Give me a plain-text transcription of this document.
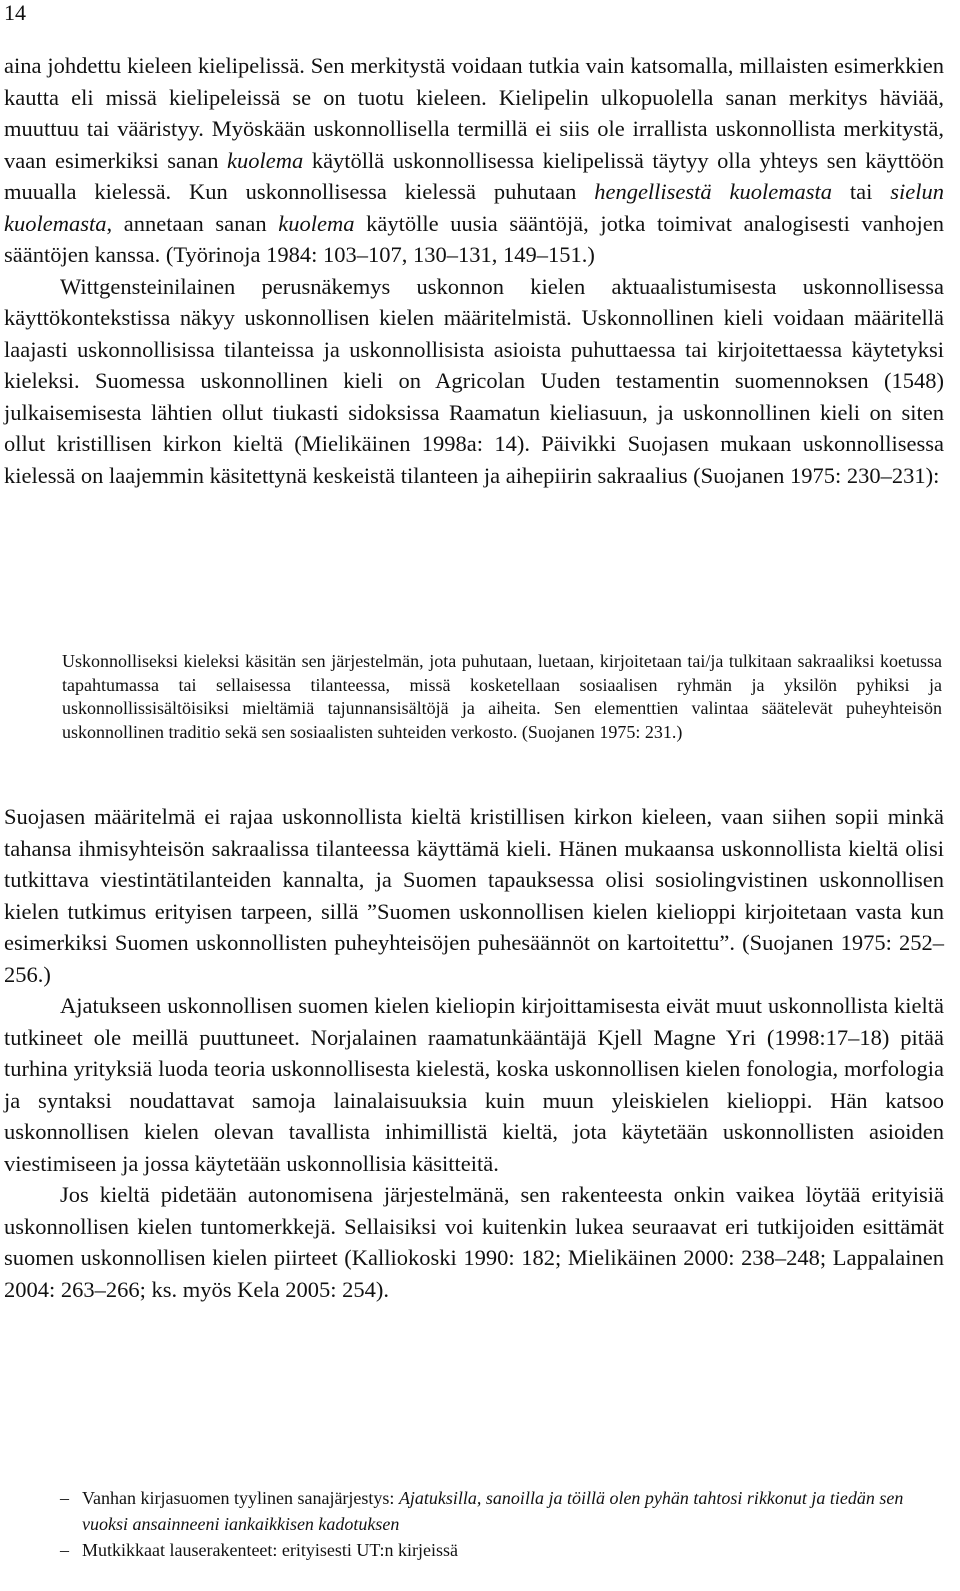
14

aina johdettu kieleen kielipelissä. Sen merkitystä voidaan tutkia vain katsomalla, millaisten esimerkkien kautta eli missä kielipeleissä se on tuotu kieleen. Kielipelin ulkopuolella sanan merkitys häviää, muuttuu tai vääristyy. Myöskään uskonnollisella termillä ei siis ole irrallista uskonnollista merkitystä, vaan esimerkiksi sanan kuolema käytöllä uskonnollisessa kielipelissä täytyy olla yhteys sen käyttöön muualla kielessä. Kun uskonnollisessa kielessä puhutaan hengellisestä kuolemasta tai sielun kuolemasta, annetaan sanan kuolema käytölle uusia sääntöjä, jotka toimivat analogisesti vanhojen sääntöjen kanssa. (Työrinoja 1984: 103–107, 130–131, 149–151.)

Wittgensteinilainen perusnäkemys uskonnon kielen aktuaalistumisesta uskonnollisessa käyttökontekstissa näkyy uskonnollisen kielen määritelmistä. Uskonnollinen kieli voidaan määritellä laajasti uskonnollisissa tilanteissa ja uskonnollisista asioista puhuttaessa tai kirjoitettaessa käytetyksi kieleksi. Suomessa uskonnollinen kieli on Agricolan Uuden testamentin suomennoksen (1548) julkaisemisesta lähtien ollut tiukasti sidoksissa Raamatun kieliasuun, ja uskonnollinen kieli on siten ollut kristillisen kirkon kieltä (Mielikäinen 1998a: 14). Päivikki Suojasen mukaan uskonnollisessa kielessä on laajemmin käsitettynä keskeistä tilanteen ja aihepiirin sakraalius (Suojanen 1975: 230–231):

Uskonnolliseksi kieleksi käsitän sen järjestelmän, jota puhutaan, luetaan, kirjoitetaan tai/ja tulkitaan sakraaliksi koetussa tapahtumassa tai sellaisessa tilanteessa, missä kosketellaan sosiaalisen ryhmän ja yksilön pyhiksi ja uskonnollissisältöisiksi mieltämiä tajunnansisältöjä ja aiheita. Sen elementtien valintaa säätelevät puheyhteisön uskonnollinen traditio sekä sen sosiaalisten suhteiden verkosto. (Suojanen 1975: 231.)

Suojasen määritelmä ei rajaa uskonnollista kieltä kristillisen kirkon kieleen, vaan siihen sopii minkä tahansa ihmisyhteisön sakraalissa tilanteessa käyttämä kieli. Hänen mukaansa uskonnollista kieltä olisi tutkittava viestintätilanteiden kannalta, ja Suomen tapauksessa olisi sosiolingvistinen uskonnollisen kielen tutkimus erityisen tarpeen, sillä ”Suomen uskonnollisen kielen kielioppi kirjoitetaan vasta kun esimerkiksi Suomen uskonnollisten puheyhteisöjen puhesäännöt on kartoitettu”. (Suojanen 1975: 252–256.)

Ajatukseen uskonnollisen suomen kielen kieliopin kirjoittamisesta eivät muut uskonnollista kieltä tutkineet ole meillä puuttuneet. Norjalainen raamatunkääntäjä Kjell Magne Yri (1998:17–18) pitää turhina yrityksiä luoda teoria uskonnollisesta kielestä, koska uskonnollisen kielen fonologia, morfologia ja syntaksi noudattavat samoja lainalaisuuksia kuin muun yleiskielen kielioppi. Hän katsoo uskonnollisen kielen olevan tavallista inhimillistä kieltä, jota käytetään uskonnollisten asioiden viestimiseen ja jossa käytetään uskonnollisia käsitteitä.

Jos kieltä pidetään autonomisena järjestelmänä, sen rakenteesta onkin vaikea löytää erityisiä uskonnollisen kielen tuntomerkkejä. Sellaisiksi voi kuitenkin lukea seuraavat eri tutkijoiden esittämät suomen uskonnollisen kielen piirteet (Kalliokoski 1990: 182; Mielikäinen 2000: 238–248; Lappalainen 2004: 263–266; ks. myös Kela 2005: 254).

– Vanhan kirjasuomen tyylinen sanajärjestys: Ajatuksilla, sanoilla ja töillä olen pyhän tahtosi rikkonut ja tiedän sen vuoksi ansainneeni iankaikkisen kadotuksen

– Mutkikkaat lauserakenteet: erityisesti UT:n kirjeissä
